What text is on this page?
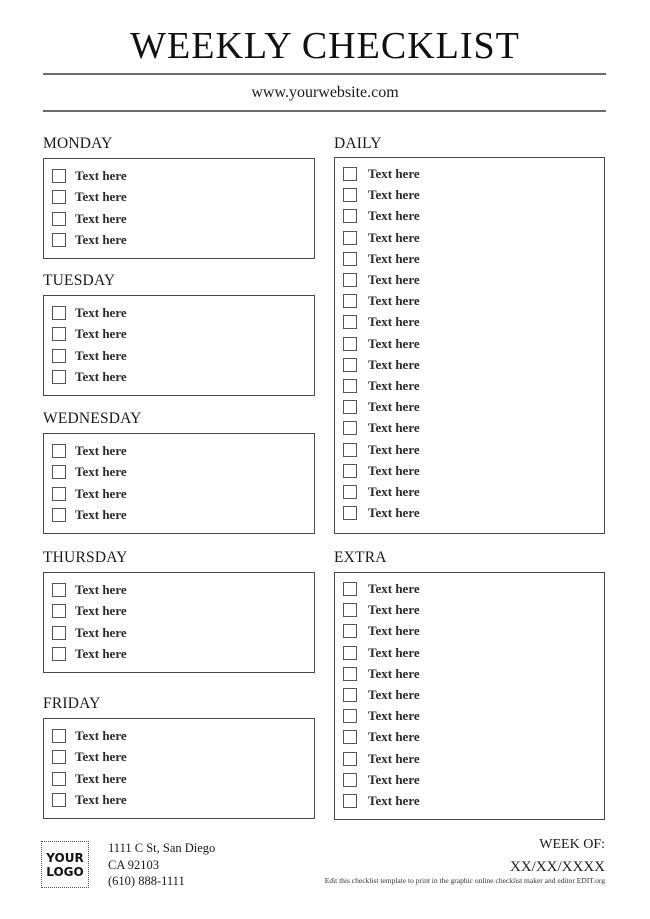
WEEKLY CHECKLIST
www.yourwebsite.com
MONDAY
Text here
Text here
Text here
Text here
TUESDAY
Text here
Text here
Text here
Text here
WEDNESDAY
Text here
Text here
Text here
Text here
THURSDAY
Text here
Text here
Text here
Text here
FRIDAY
Text here
Text here
Text here
Text here
DAILY
Text here
Text here
Text here
Text here
Text here
Text here
Text here
Text here
Text here
Text here
Text here
Text here
Text here
Text here
Text here
Text here
Text here
EXTRA
Text here
Text here
Text here
Text here
Text here
Text here
Text here
Text here
Text here
Text here
Text here
YOUR
LOGO
1111 C St, San Diego
CA 92103
(610) 888-1111
WEEK OF:
XX/XX/XXXX
Edit this checklist template to print in the graphic online checklist maker and editor EDIT.org
